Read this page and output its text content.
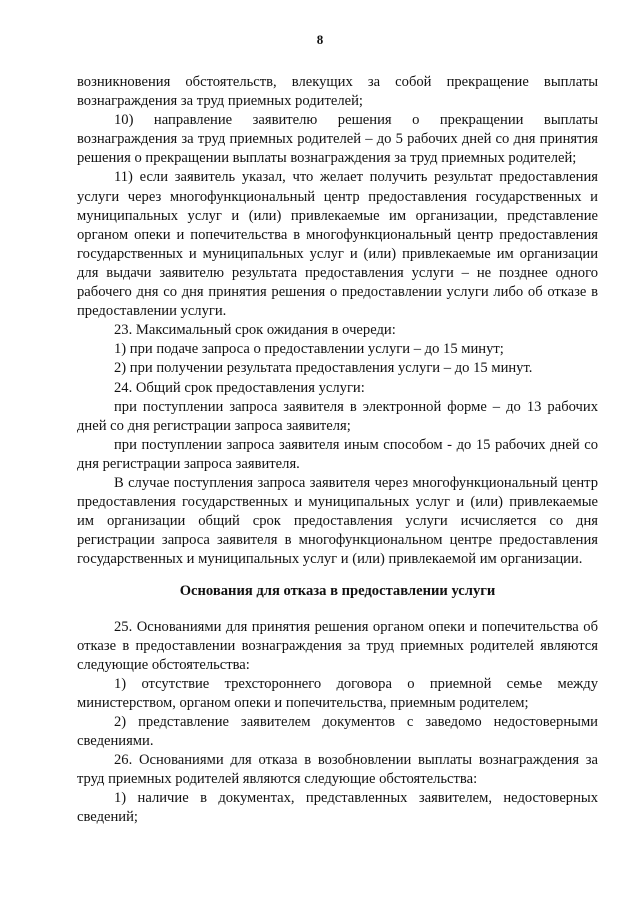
8

возникновения обстоятельств, влекущих за собой прекращение выплаты вознаграждения за труд приемных родителей;

10) направление заявителю решения о прекращении выплаты вознаграждения за труд приемных родителей – до 5 рабочих дней со дня принятия решения о прекращении выплаты вознаграждения за труд приемных родителей;

11) если заявитель указал, что желает получить результат предоставления услуги через многофункциональный центр предоставления государственных и муниципальных услуг и (или) привлекаемые им организации, представление органом опеки и попечительства в многофункциональный центр предоставления государственных и муниципальных услуг и (или) привлекаемые им организации для выдачи заявителю результата предоставления услуги – не позднее одного рабочего дня со дня принятия решения о предоставлении услуги либо об отказе в предоставлении услуги.

23. Максимальный срок ожидания в очереди:

1) при подаче запроса о предоставлении услуги – до 15 минут;

2) при получении результата предоставления услуги – до 15 минут.

24. Общий срок предоставления услуги:

при поступлении запроса заявителя в электронной форме – до 13 рабочих дней со дня регистрации запроса заявителя;

при поступлении запроса заявителя иным способом - до 15 рабочих дней со дня регистрации запроса заявителя.

В случае поступления запроса заявителя через многофункциональный центр предоставления государственных и муниципальных услуг и (или) привлекаемые им организации общий срок предоставления услуги исчисляется со дня регистрации запроса заявителя в многофункциональном центре предоставления государственных и муниципальных услуг и (или) привлекаемой им организации.

Основания для отказа в предоставлении услуги

25. Основаниями для принятия решения органом опеки и попечительства об отказе в предоставлении вознаграждения за труд приемных родителей являются следующие обстоятельства:

1) отсутствие трехстороннего договора о приемной семье между министерством, органом опеки и попечительства, приемным родителем;

2) представление заявителем документов с заведомо недостоверными сведениями.

26. Основаниями для отказа в возобновлении выплаты вознаграждения за труд приемных родителей являются следующие обстоятельства:

1) наличие в документах, представленных заявителем, недостоверных сведений;
